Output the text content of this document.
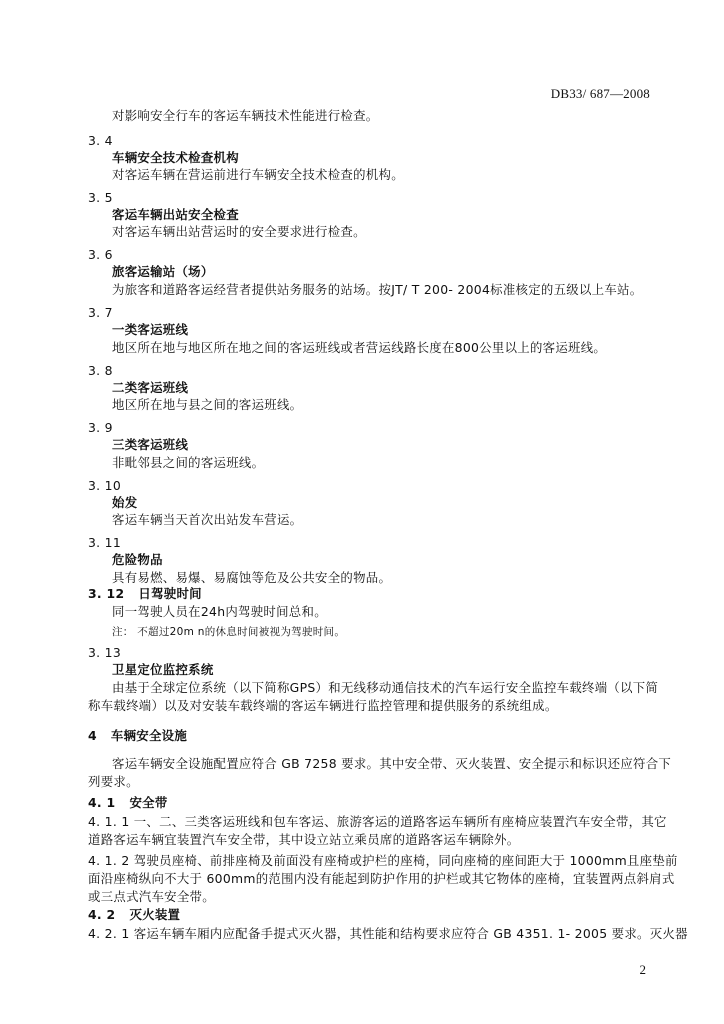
DB33/ 687—2008
对影响安全行车的客运车辆技术性能进行检查。
3. 4
车辆安全技术检查机构
对客运车辆在营运前进行车辆安全技术检查的机构。
3. 5
客运车辆出站安全检查
对客运车辆出站营运时的安全要求进行检查。
3. 6
旅客运输站（场）
为旅客和道路客运经营者提供站务服务的站场。按JT/ T 200- 2004标准核定的五级以上车站。
3. 7
一类客运班线
地区所在地与地区所在地之间的客运班线或者营运线路长度在800公里以上的客运班线。
3. 8
二类客运班线
地区所在地与县之间的客运班线。
3. 9
三类客运班线
非毗邻县之间的客运班线。
3. 10
始发
客运车辆当天首次出站发车营运。
3. 11
危险物品
具有易燃、易爆、易腐蚀等危及公共安全的物品。
3. 12 日驾驶时间
同一驾驶人员在24h内驾驶时间总和。
注： 不超过20m n的休息时间被视为驾驶时间。
3. 13
卫星定位监控系统
由基于全球定位系统（以下简称GPS）和无线移动通信技术的汽车运行安全监控车载终端（以下简
称车载终端）以及对安装车载终端的客运车辆进行监控管理和提供服务的系统组成。
4 车辆安全设施
客运车辆安全设施配置应符合 GB 7258 要求。其中安全带、灭火装置、安全提示和标识还应符合下
列要求。
4. 1 安全带
4. 1. 1 一、二、三类客运班线和包车客运、旅游客运的道路客运车辆所有座椅应装置汽车安全带，其它
道路客运车辆宜装置汽车安全带，其中设立站立乘员席的道路客运车辆除外。
4. 1. 2 驾驶员座椅、前排座椅及前面没有座椅或护栏的座椅，同向座椅的座间距大于 1000mm且座垫前
面沿座椅纵向不大于 600mm的范围内没有能起到防护作用的护栏或其它物体的座椅，宜装置两点斜肩式
或三点式汽车安全带。
4. 2 灭火装置
4. 2. 1 客运车辆车厢内应配备手提式灭火器，其性能和结构要求应符合 GB 4351. 1- 2005 要求。灭火器
2
